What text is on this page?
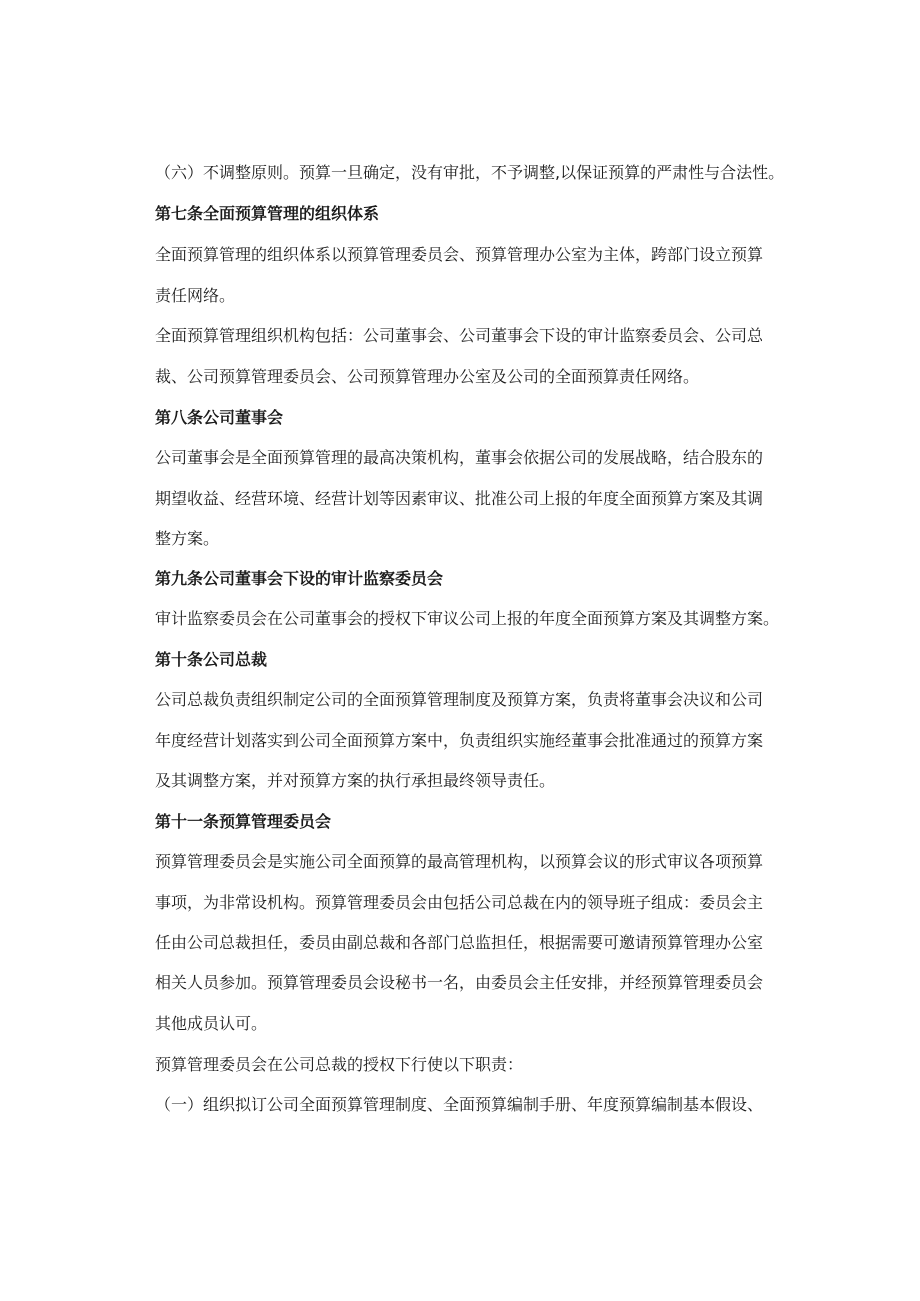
（六）不调整原则。预算一旦确定，没有审批，不予调整,以保证预算的严肃性与合法性。
第七条全面预算管理的组织体系
全面预算管理的组织体系以预算管理委员会、预算管理办公室为主体，跨部门设立预算
责任网络。
全面预算管理组织机构包括：公司董事会、公司董事会下设的审计监察委员会、公司总
裁、公司预算管理委员会、公司预算管理办公室及公司的全面预算责任网络。
第八条公司董事会
公司董事会是全面预算管理的最高决策机构，董事会依据公司的发展战略，结合股东的
期望收益、经营环境、经营计划等因素审议、批准公司上报的年度全面预算方案及其调
整方案。
第九条公司董事会下设的审计监察委员会
审计监察委员会在公司董事会的授权下审议公司上报的年度全面预算方案及其调整方案。
第十条公司总裁
公司总裁负责组织制定公司的全面预算管理制度及预算方案，负责将董事会决议和公司
年度经营计划落实到公司全面预算方案中，负责组织实施经董事会批准通过的预算方案
及其调整方案，并对预算方案的执行承担最终领导责任。
第十一条预算管理委员会
预算管理委员会是实施公司全面预算的最高管理机构，以预算会议的形式审议各项预算
事项，为非常设机构。预算管理委员会由包括公司总裁在内的领导班子组成：委员会主
任由公司总裁担任，委员由副总裁和各部门总监担任，根据需要可邀请预算管理办公室
相关人员参加。预算管理委员会设秘书一名，由委员会主任安排，并经预算管理委员会
其他成员认可。
预算管理委员会在公司总裁的授权下行使以下职责：
（一）组织拟订公司全面预算管理制度、全面预算编制手册、年度预算编制基本假设、
